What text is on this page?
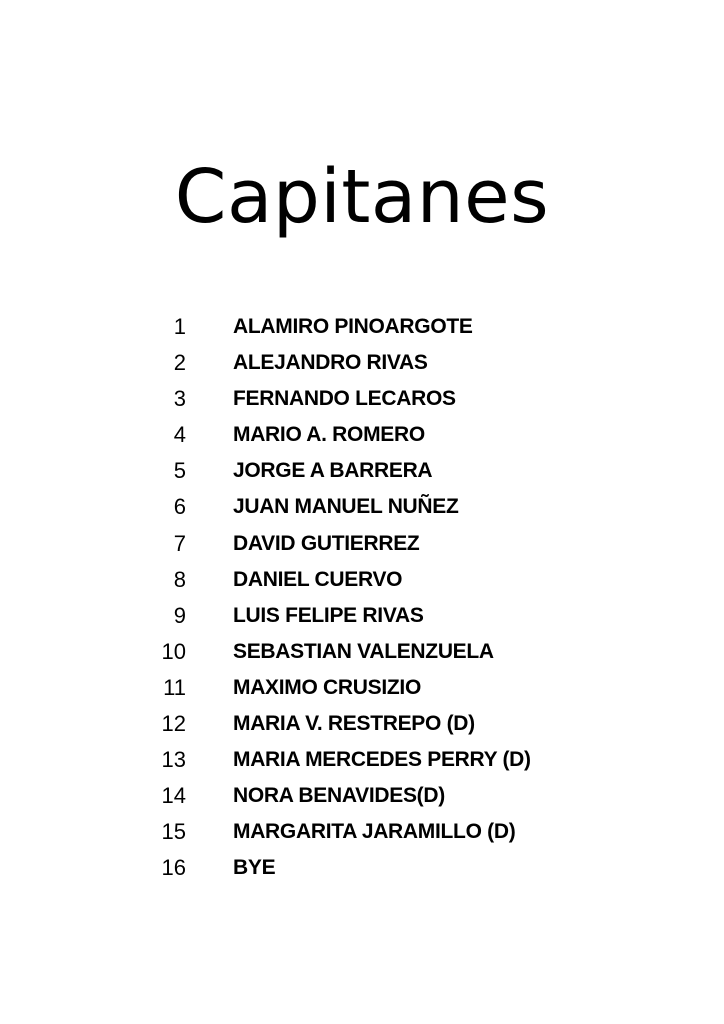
Capitanes
1 ALAMIRO PINOARGOTE
2 ALEJANDRO RIVAS
3 FERNANDO LECAROS
4 MARIO A. ROMERO
5 JORGE A BARRERA
6 JUAN MANUEL NUÑEZ
7 DAVID GUTIERREZ
8 DANIEL CUERVO
9 LUIS FELIPE RIVAS
10 SEBASTIAN VALENZUELA
11 MAXIMO CRUSIZIO
12 MARIA V. RESTREPO (D)
13 MARIA MERCEDES PERRY (D)
14 NORA BENAVIDES(D)
15 MARGARITA JARAMILLO (D)
16 BYE
